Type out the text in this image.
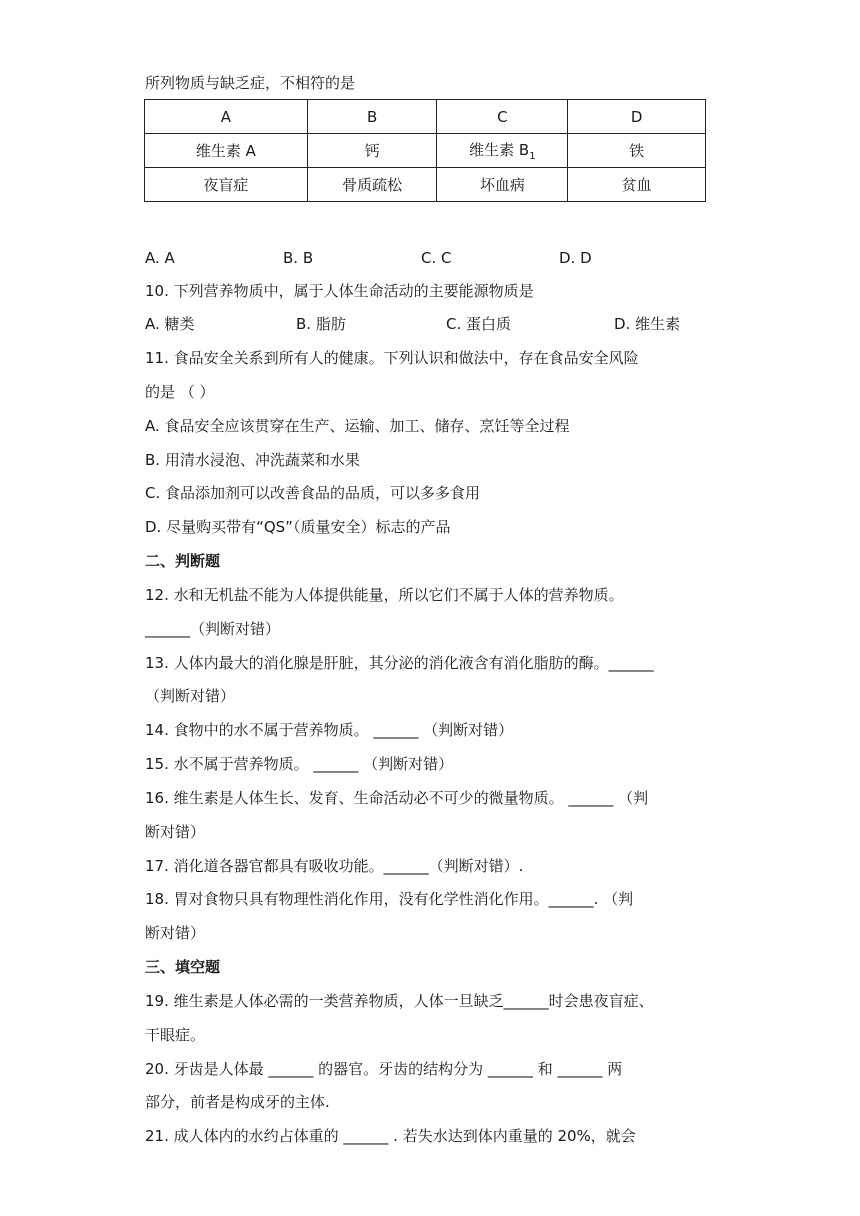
所列物质与缺乏症，不相符的是
A	B	C	D
维生素 A	钙	维生素 $B_1$	铁
夜盲症	骨质疏松	坏血病	贫血
A. A	B. B	C. C	D. D
10. 下列营养物质中，属于人体生命活动的主要能源物质是
A. 糖类	B. 脂肪	C. 蛋白质	D. 维生素
11. 食品安全关系到所有人的健康。下列认识和做法中，存在食品安全风险
的是 （ ）
A. 食品安全应该贯穿在生产、运输、加工、储存、烹饪等全过程
B. 用清水浸泡、冲洗蔬菜和水果
C. 食品添加剂可以改善食品的品质，可以多多食用
D. 尽量购买带有“QS”（质量安全）标志的产品
二、判断题
12. 水和无机盐不能为人体提供能量，所以它们不属于人体的营养物质。
______（判断对错）
13. 人体内最大的消化腺是肝脏，其分泌的消化液含有消化脂肪的酶。______
（判断对错）
14. 食物中的水不属于营养物质。 ______ （判断对错）
15. 水不属于营养物质。 ______ （判断对错）
16. 维生素是人体生长、发育、生命活动必不可少的微量物质。 ______ （判
断对错）
17. 消化道各器官都具有吸收功能。______（判断对错）.
18. 胃对食物只具有物理性消化作用，没有化学性消化作用。______. （判
断对错）
三、填空题
19. 维生素是人体必需的一类营养物质，人体一旦缺乏______时会患夜盲症、
干眼症。
20. 牙齿是人体最 ______ 的器官。牙齿的结构分为 ______ 和 ______ 两
部分，前者是构成牙的主体.
21. 成人体内的水约占体重的 ______ . 若失水达到体内重量的 20%，就会
